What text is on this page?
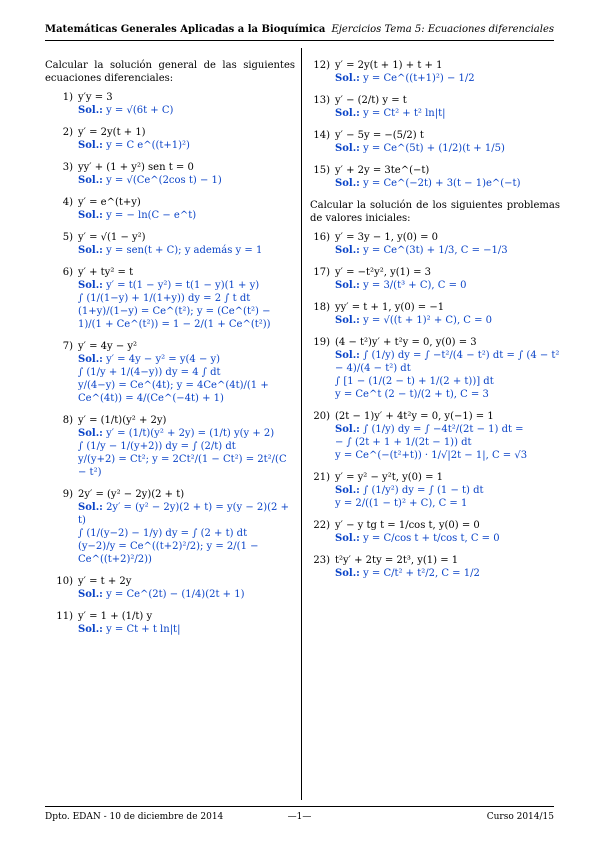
Matemáticas Generales Aplicadas a la Bioquímica Ejercicios Tema 5: Ecuaciones diferenciales

Calcular la solución general de las siguientes ecuaciones diferenciales:

1) y′y = 3
Sol.: y = √(6t + C)
2) y′ = 2y(t + 1)
Sol.: y = C e^((t+1)²)
3) yy′ + (1 + y²) sen t = 0
Sol.: y = √(Ce^(2cos t) − 1)
4) y′ = e^(t+y)
Sol.: y = − ln(C − e^t)
5) y′ = √(1 − y²)
Sol.: y = sen(t + C); y además y = 1
6) y′ + ty² = t
Sol.: y′ = t(1 − y²) = t(1 − y)(1 + y)
∫ (1/(1−y) + 1/(1+y)) dy = 2 ∫ t dt
(1+y)/(1−y) = Ce^(t²); y = (Ce^(t²) − 1)/(1 + Ce^(t²)) = 1 − 2/(1 + Ce^(t²))
7) y′ = 4y − y²
Sol.: y′ = 4y − y² = y(4 − y)
∫ (1/y + 1/(4−y)) dy = 4 ∫ dt
y/(4−y) = Ce^(4t); y = 4Ce^(4t)/(1 + Ce^(4t)) = 4/(Ce^(−4t) + 1)
8) y′ = (1/t)(y² + 2y)
Sol.: y′ = (1/t)(y² + 2y) = (1/t) y(y + 2)
∫ (1/y − 1/(y+2)) dy = ∫ (2/t) dt
y/(y+2) = Ct²; y = 2Ct²/(1 − Ct²) = 2t²/(C − t²)
9) 2y′ = (y² − 2y)(2 + t)
Sol.: 2y′ = (y² − 2y)(2 + t) = y(y − 2)(2 + t)
∫ (1/(y−2) − 1/y) dy = ∫ (2 + t) dt
(y−2)/y = Ce^((t+2)²/2); y = 2/(1 − Ce^((t+2)²/2))
10) y′ = t + 2y
Sol.: y = Ce^(2t) − (1/4)(2t + 1)
11) y′ = 1 + (1/t) y
Sol.: y = Ct + t ln|t|
12) y′ = 2y(t + 1) + t + 1
Sol.: y = Ce^((t+1)²) − 1/2
13) y′ − (2/t) y = t
Sol.: y = Ct² + t² ln|t|
14) y′ − 5y = −(5/2) t
Sol.: y = Ce^(5t) + (1/2)(t + 1/5)
15) y′ + 2y = 3te^(−t)
Sol.: y = Ce^(−2t) + 3(t − 1)e^(−t)

Calcular la solución de los siguientes problemas de valores iniciales:

16) y′ = 3y − 1, y(0) = 0
Sol.: y = Ce^(3t) + 1/3, C = −1/3
17) y′ = −t²y², y(1) = 3
Sol.: y = 3/(t³ + C), C = 0
18) yy′ = t + 1, y(0) = −1
Sol.: y = √((t + 1)² + C), C = 0
19) (4 − t²)y′ + t²y = 0, y(0) = 3
Sol.: ∫ (1/y) dy = ∫ −t²/(4 − t²) dt = ∫ (4 − t² − 4)/(4 − t²) dt
∫ [1 − (1/(2 − t) + 1/(2 + t))] dt
y = Ce^t (2 − t)/(2 + t), C = 3
20) (2t − 1)y′ + 4t²y = 0, y(−1) = 1
Sol.: ∫ (1/y) dy = ∫ −4t²/(2t − 1) dt =
− ∫ (2t + 1 + 1/(2t − 1)) dt
y = Ce^(−(t²+t)) · 1/√|2t − 1|, C = √3
21) y′ = y² − y²t, y(0) = 1
Sol.: ∫ (1/y²) dy = ∫ (1 − t) dt
y = 2/((1 − t)² + C), C = 1
22) y′ − y tg t = 1/cos t, y(0) = 0
Sol.: y = C/cos t + t/cos t, C = 0
23) t²y′ + 2ty = 2t³, y(1) = 1
Sol.: y = C/t² + t²/2, C = 1/2
Dpto. EDAN - 10 de diciembre de 2014	—1—	Curso 2014/15
